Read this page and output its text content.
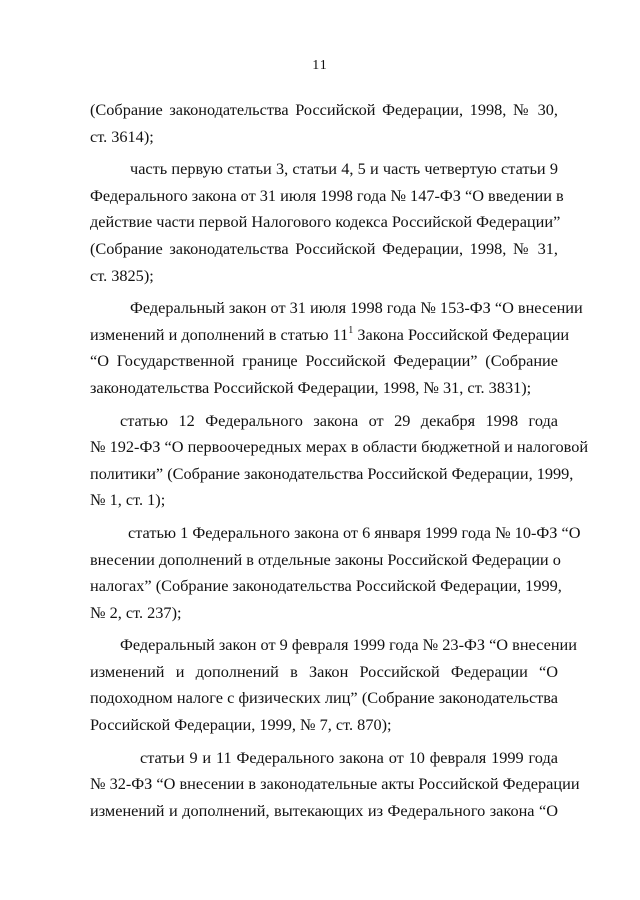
11
(Собрание законодательства Российской Федерации, 1998, № 30,
ст. 3614);
часть первую статьи 3, статьи 4, 5 и часть четвертую статьи 9
Федерального закона от 31 июля 1998 года № 147-ФЗ “О введении в
действие части первой Налогового кодекса Российской Федерации”
(Собрание законодательства Российской Федерации, 1998, № 31,
ст. 3825);
Федеральный закон от 31 июля 1998 года № 153-ФЗ “О внесении
изменений и дополнений в статью $11^1$ Закона Российской Федерации
“О Государственной границе Российской Федерации” (Собрание
законодательства Российской Федерации, 1998, № 31, ст. 3831);
статью 12 Федерального закона от 29 декабря 1998 года
№ 192-ФЗ “О первоочередных мерах в области бюджетной и налоговой
политики” (Собрание законодательства Российской Федерации, 1999,
№ 1, ст. 1);
статью 1 Федерального закона от 6 января 1999 года № 10-ФЗ “О
внесении дополнений в отдельные законы Российской Федерации о
налогах” (Собрание законодательства Российской Федерации, 1999,
№ 2, ст. 237);
Федеральный закон от 9 февраля 1999 года № 23-ФЗ “О внесении
изменений и дополнений в Закон Российской Федерации “О
подоходном налоге с физических лиц” (Собрание законодательства
Российской Федерации, 1999, № 7, ст. 870);
статьи 9 и 11 Федерального закона от 10 февраля 1999 года
№ 32-ФЗ “О внесении в законодательные акты Российской Федерации
изменений и дополнений, вытекающих из Федерального закона “О
